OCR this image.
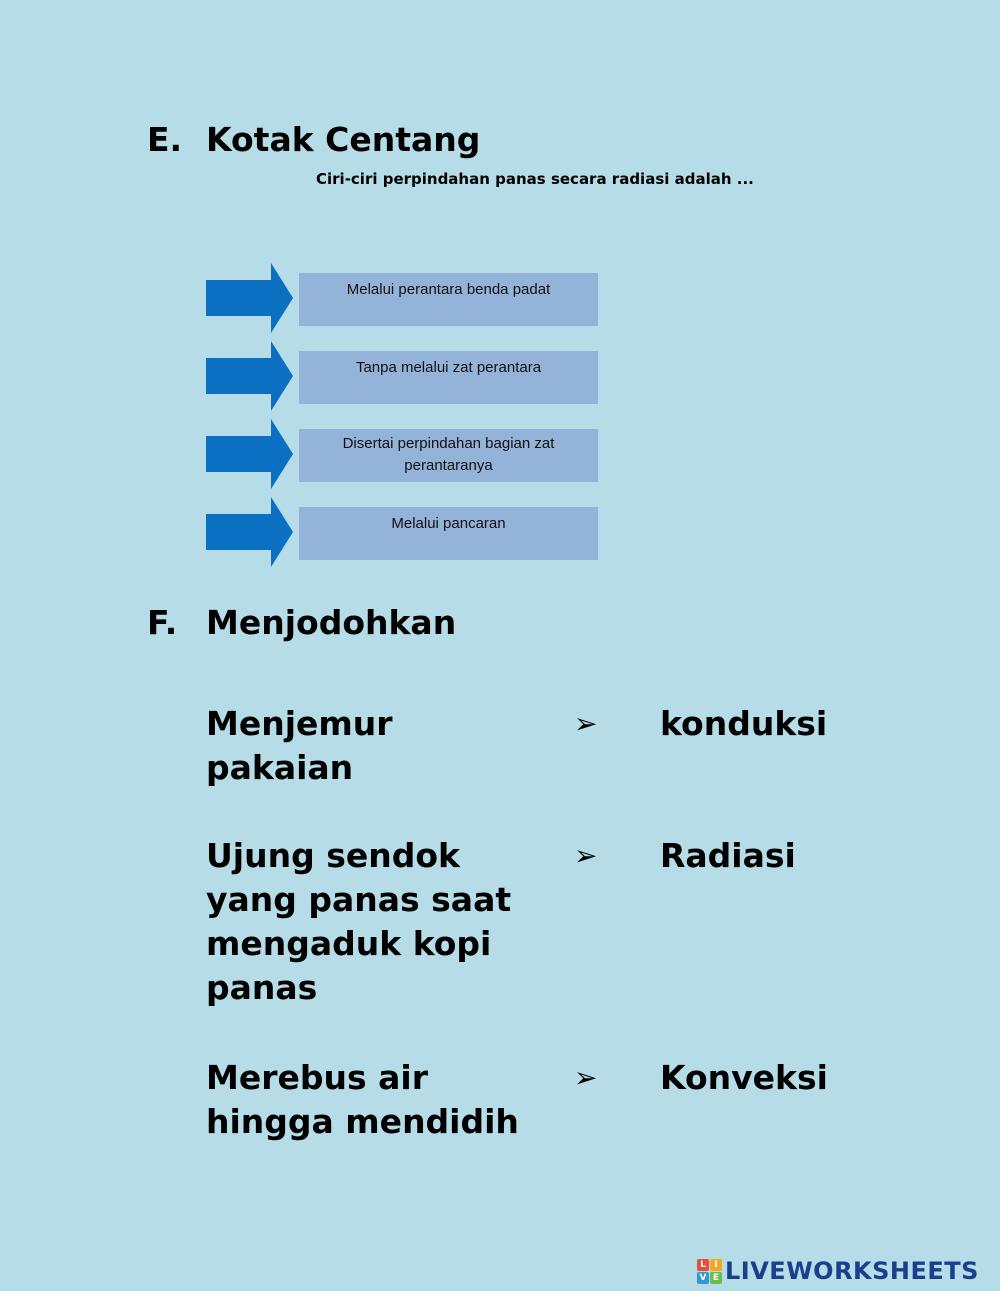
E. Kotak Centang
Ciri-ciri perpindahan panas secara radiasi adalah ...
Melalui perantara benda padat
Tanpa melalui zat perantara
Disertai perpindahan bagian zat perantaranya
Melalui pancaran
F. Menjodohkan
Menjemur pakaian
➢ konduksi
Ujung sendok yang panas saat mengaduk kopi panas
➢ Radiasi
Merebus air hingga mendidih
➢ Konveksi
L I
V E LIVEWORKSHEETS
